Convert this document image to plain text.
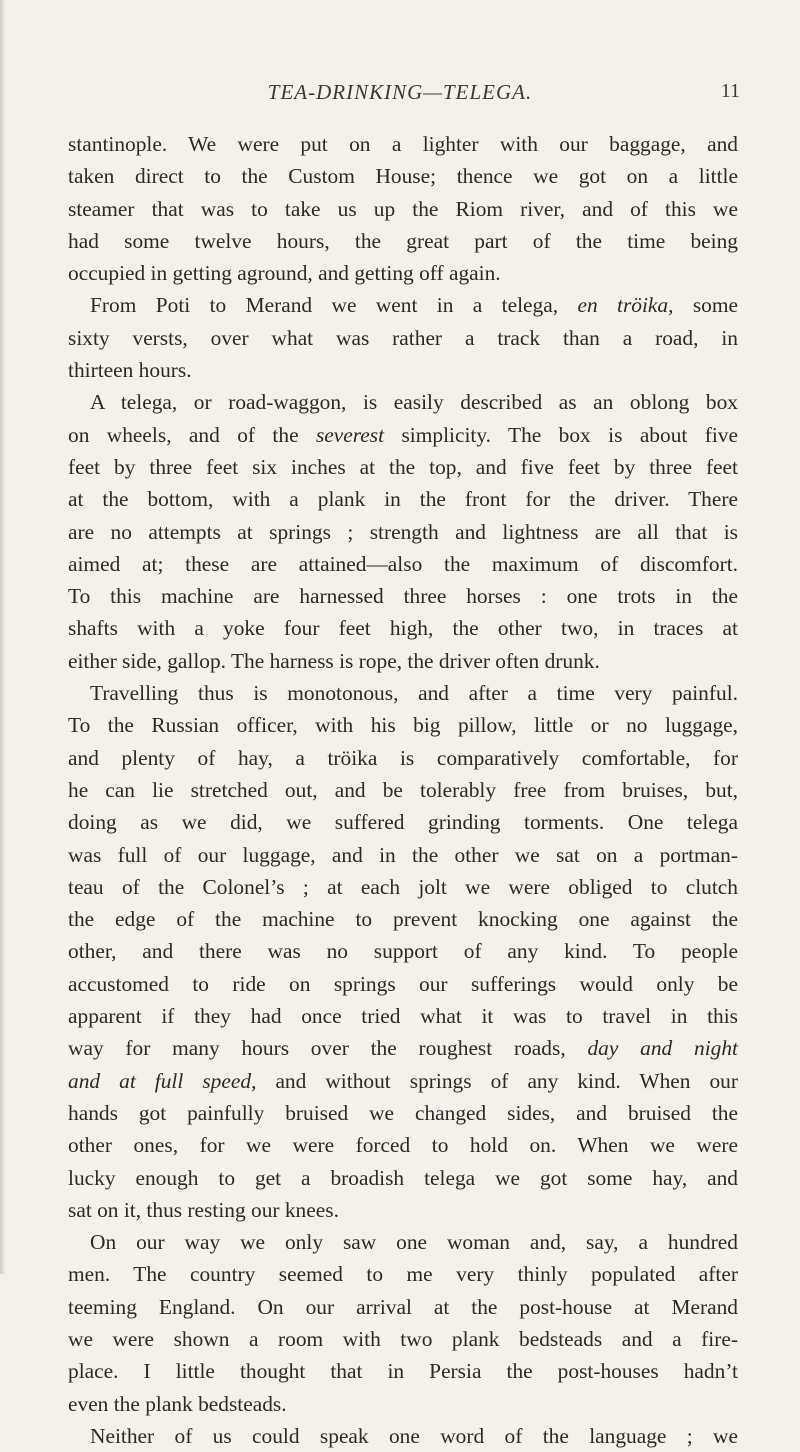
TEA-DRINKING—TELEGA.	11
stantinople. We were put on a lighter with our baggage, and
taken direct to the Custom House; thence we got on a little
steamer that was to take us up the Riom river, and of this we
had some twelve hours, the great part of the time being
occupied in getting aground, and getting off again.
From Poti to Merand we went in a telega, en tröika, some
sixty versts, over what was rather a track than a road, in
thirteen hours.
A telega, or road-waggon, is easily described as an oblong box
on wheels, and of the severest simplicity. The box is about five
feet by three feet six inches at the top, and five feet by three feet
at the bottom, with a plank in the front for the driver. There
are no attempts at springs ; strength and lightness are all that is
aimed at; these are attained—also the maximum of discomfort.
To this machine are harnessed three horses : one trots in the
shafts with a yoke four feet high, the other two, in traces at
either side, gallop. The harness is rope, the driver often drunk.
Travelling thus is monotonous, and after a time very painful.
To the Russian officer, with his big pillow, little or no luggage,
and plenty of hay, a tröika is comparatively comfortable, for
he can lie stretched out, and be tolerably free from bruises, but,
doing as we did, we suffered grinding torments. One telega
was full of our luggage, and in the other we sat on a portman-
teau of the Colonel’s ; at each jolt we were obliged to clutch
the edge of the machine to prevent knocking one against the
other, and there was no support of any kind. To people
accustomed to ride on springs our sufferings would only be
apparent if they had once tried what it was to travel in this
way for many hours over the roughest roads, day and night
and at full speed, and without springs of any kind. When our
hands got painfully bruised we changed sides, and bruised the
other ones, for we were forced to hold on. When we were
lucky enough to get a broadish telega we got some hay, and
sat on it, thus resting our knees.
On our way we only saw one woman and, say, a hundred
men. The country seemed to me very thinly populated after
teeming England. On our arrival at the post-house at Merand
we were shown a room with two plank bedsteads and a fire-
place. I little thought that in Persia the post-houses hadn’t
even the plank bedsteads.
Neither of us could speak one word of the language ; we
